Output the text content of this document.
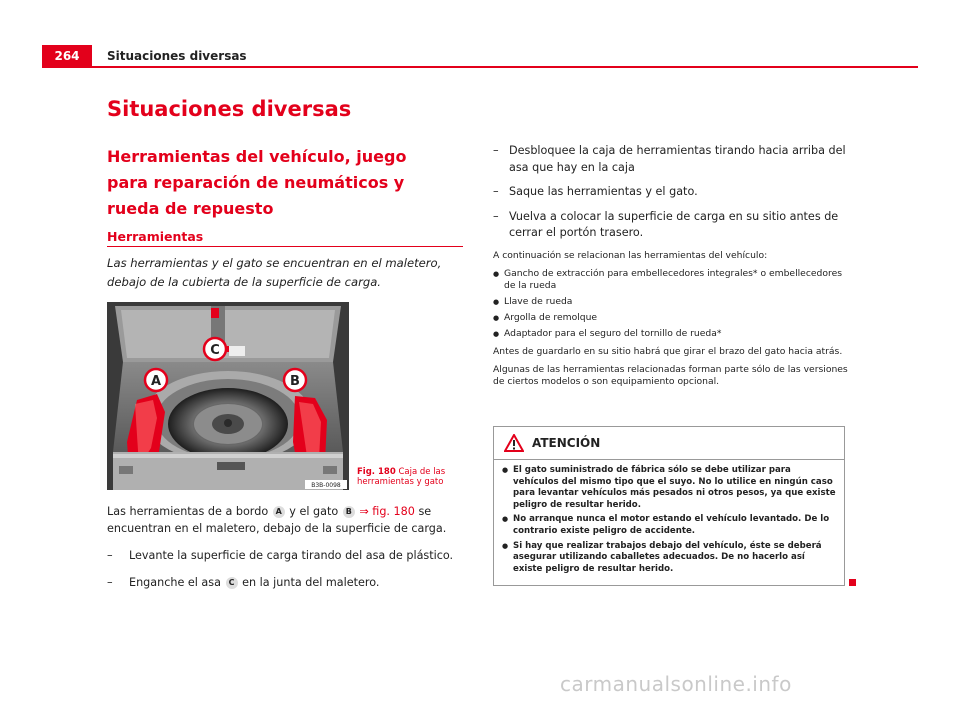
264	Situaciones diversas
Situaciones diversas
Herramientas del vehículo, juego para reparación de neumáticos y rueda de repuesto
Herramientas
Las herramientas y el gato se encuentran en el maletero, debajo de la cubierta de la superficie de carga.
C
A	B
B3B-0098
Fig. 180 Caja de las herramientas y gato

Las herramientas de a bordo A y el gato B ⇒ fig. 180 se encuentran en el maletero, debajo de la superficie de carga.

– Levante la superficie de carga tirando del asa de plástico.

– Enganche el asa C en la junta del maletero.

– Desbloquee la caja de herramientas tirando hacia arriba del asa que hay en la caja

– Saque las herramientas y el gato.

– Vuelva a colocar la superficie de carga en su sitio antes de cerrar el portón trasero.

A continuación se relacionan las herramientas del vehículo:

● Gancho de extracción para embellecedores integrales* o embellecedores de la rueda
● Llave de rueda
● Argolla de remolque
● Adaptador para el seguro del tornillo de rueda*

Antes de guardarlo en su sitio habrá que girar el brazo del gato hacia atrás.

Algunas de las herramientas relacionadas forman parte sólo de las versiones de ciertos modelos o son equipamiento opcional.

ATENCIÓN
● El gato suministrado de fábrica sólo se debe utilizar para vehículos del mismo tipo que el suyo. No lo utilice en ningún caso para levantar vehículos más pesados ni otros pesos, ya que existe peligro de resultar herido.
● No arranque nunca el motor estando el vehículo levantado. De lo contrario existe peligro de accidente.
● Si hay que realizar trabajos debajo del vehículo, éste se deberá asegurar utilizando caballetes adecuados. De no hacerlo así existe peligro de resultar herido.
carmanualsonline.info
